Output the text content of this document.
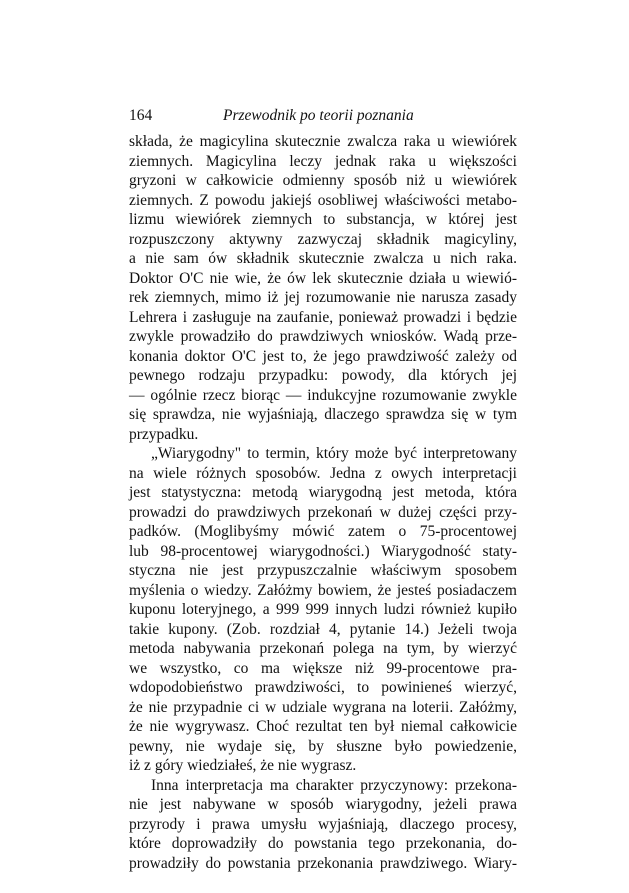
164	Przewodnik po teorii poznania
składa, że magicylina skutecznie zwalcza raka u wiewiórek
ziemnych. Magicylina leczy jednak raka u większości
gryzoni w całkowicie odmienny sposób niż u wiewiórek
ziemnych. Z powodu jakiejś osobliwej właściwości metabo-
lizmu wiewiórek ziemnych to substancja, w której jest
rozpuszczony aktywny zazwyczaj składnik magicyliny,
a nie sam ów składnik skutecznie zwalcza u nich raka.
Doktor O'C nie wie, że ów lek skutecznie działa u wiewió-
rek ziemnych, mimo iż jej rozumowanie nie narusza zasady
Lehrera i zasługuje na zaufanie, ponieważ prowadzi i będzie
zwykle prowadziło do prawdziwych wniosków. Wadą prze-
konania doktor O'C jest to, że jego prawdziwość zależy od
pewnego rodzaju przypadku: powody, dla których jej
— ogólnie rzecz biorąc — indukcyjne rozumowanie zwykle
się sprawdza, nie wyjaśniają, dlaczego sprawdza się w tym
przypadku.
„Wiarygodny" to termin, który może być interpretowany
na wiele różnych sposobów. Jedna z owych interpretacji
jest statystyczna: metodą wiarygodną jest metoda, która
prowadzi do prawdziwych przekonań w dużej części przy-
padków. (Moglibyśmy mówić zatem o 75-procentowej
lub 98-procentowej wiarygodności.) Wiarygodność staty-
styczna nie jest przypuszczalnie właściwym sposobem
myślenia o wiedzy. Załóżmy bowiem, że jesteś posiadaczem
kuponu loteryjnego, a 999 999 innych ludzi również kupiło
takie kupony. (Zob. rozdział 4, pytanie 14.) Jeżeli twoja
metoda nabywania przekonań polega na tym, by wierzyć
we wszystko, co ma większe niż 99-procentowe pra-
wdopodobieństwo prawdziwości, to powinieneś wierzyć,
że nie przypadnie ci w udziale wygrana na loterii. Załóżmy,
że nie wygrywasz. Choć rezultat ten był niemal całkowicie
pewny, nie wydaje się, by słuszne było powiedzenie,
iż z góry wiedziałeś, że nie wygrasz.
Inna interpretacja ma charakter przyczynowy: przekona-
nie jest nabywane w sposób wiarygodny, jeżeli prawa
przyrody i prawa umysłu wyjaśniają, dlaczego procesy,
które doprowadziły do powstania tego przekonania, do-
prowadziły do powstania przekonania prawdziwego. Wiary-
